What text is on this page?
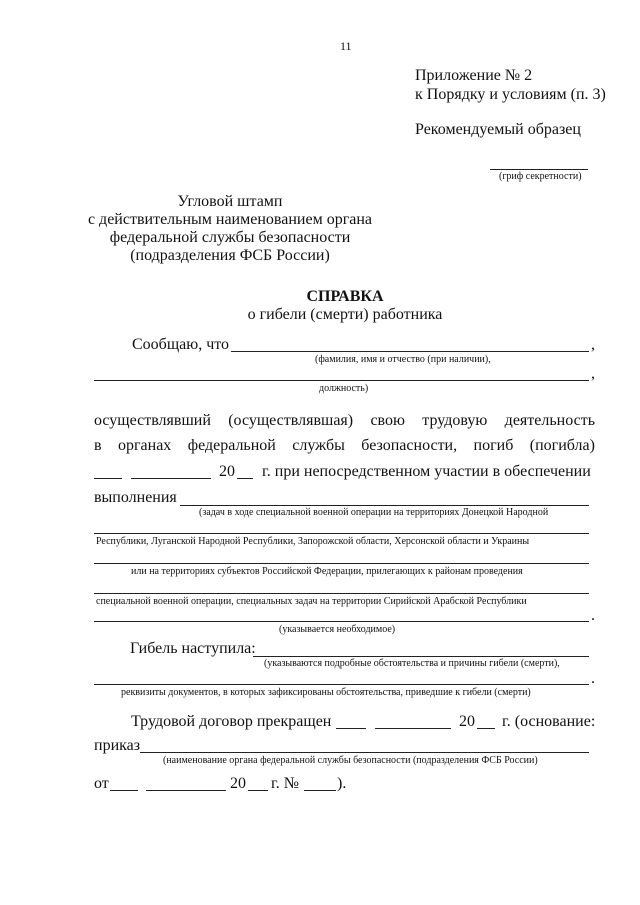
11
Приложение № 2
к Порядку и условиям (п. 3)
Рекомендуемый образец
(гриф секретности)
Угловой штамп
с действительным наименованием органа
федеральной службы безопасности
(подразделения ФСБ России)
СПРАВКА
о гибели (смерти) работника
Сообщаю, что	,
(фамилия, имя и отчество (при наличии),
,
должность)
осуществлявший (осуществлявшая) свою трудовую деятельность
в органах федеральной службы безопасности, погиб (погибла)
20 г. при непосредственном участии в обеспечении
выполнения
(задач в ходе специальной военной операции на территориях Донецкой Народной
Республики, Луганской Народной Республики, Запорожской области, Херсонской области и Украины
или на территориях субъектов Российской Федерации, прилегающих к районам проведения
специальной военной операции, специальных задач на территории Сирийской Арабской Республики
.
(указывается необходимое)
Гибель наступила:
(указываются подробные обстоятельства и причины гибели (смерти),
.
реквизиты документов, в которых зафиксированы обстоятельства, приведшие к гибели (смерти)
Трудовой договор прекращен	20 г. (основание:
приказ
(наименование органа федеральной службы безопасности (подразделения ФСБ России)
от	20 г. № ).
